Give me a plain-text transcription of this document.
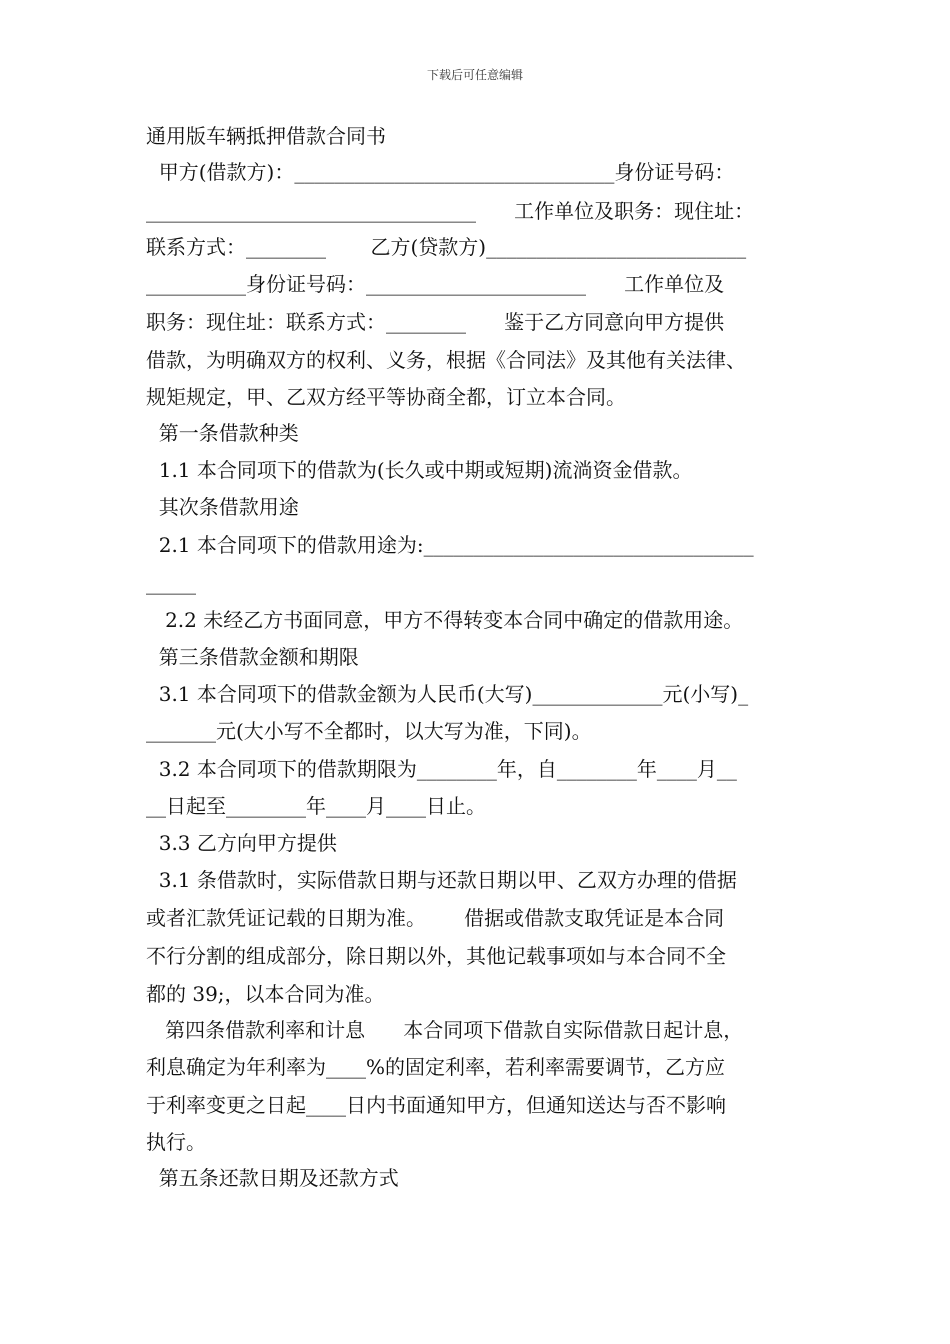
下载后可任意编辑
通用版车辆抵押借款合同书
甲方(借款方)：________________________________身份证号码：
_________________________________      工作单位及职务：现住址：
联系方式：________       乙方(贷款方)__________________________
__________身份证号码：______________________      工作单位及
职务：现住址：联系方式：________      鉴于乙方同意向甲方提供
借款，为明确双方的权利、义务，根据《合同法》及其他有关法律、
规矩规定，甲、乙双方经平等协商全都，订立本合同。
第一条借款种类
1.1 本合同项下的借款为(长久或中期或短期)流淌资金借款。
其次条借款用途
2.1 本合同项下的借款用途为:_________________________________
_____
2.2 未经乙方书面同意，甲方不得转变本合同中确定的借款用途。
第三条借款金额和期限
3.1 本合同项下的借款金额为人民币(大写)_____________元(小写)_
_______元(大小写不全都时，以大写为准，下同)。
3.2 本合同项下的借款期限为________年，自________年____月__
__日起至________年____月____日止。
3.3 乙方向甲方提供
3.1 条借款时，实际借款日期与还款日期以甲、乙双方办理的借据
或者汇款凭证记载的日期为准。      借据或借款支取凭证是本合同
不行分割的组成部分，除日期以外，其他记载事项如与本合同不全
都的 39;，以本合同为准。
第四条借款利率和计息      本合同项下借款自实际借款日起计息，
利息确定为年利率为____%的固定利率，若利率需要调节，乙方应
于利率变更之日起____日内书面通知甲方，但通知送达与否不影响
执行。
第五条还款日期及还款方式
